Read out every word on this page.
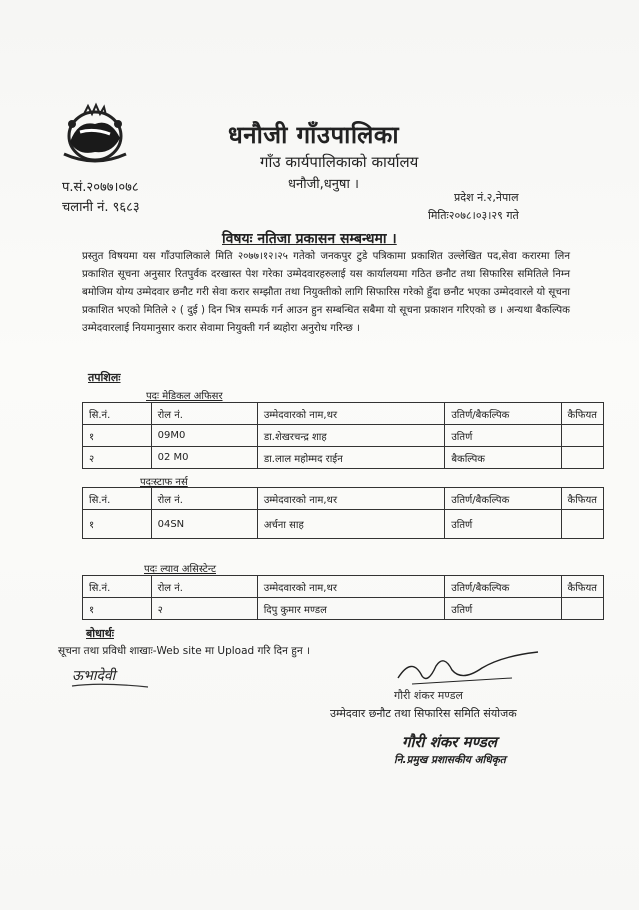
धनौजी गाँउपालिका
गाँउ कार्यपालिकाको कार्यालय
धनौजी,धनुषा ।
प.सं.२०७७।०७८
चलानी नं. ९६८३
प्रदेश नं.२,नेपाल
मितिः२०७८।०३।२९ गते
विषयः नतिजा प्रकासन सम्बन्धमा ।
प्रस्तुत विषयमा यस गाँउपालिकाले मिति २०७७।१२।२५ गतेको जनकपुर टुडे पत्रिकामा प्रकाशित उल्लेखित पद,सेवा करारमा लिन प्रकाशित सूचना अनुसार रितपुर्वक दरखास्त पेश गरेका उम्मेदवारहरुलाई यस कार्यालयमा गठित छनौट तथा सिफारिस समितिले निम्न बमोजिम योग्य उम्मेदवार छनौट गरी सेवा करार सम्झौता तथा नियुक्तीको लागि सिफारिस गरेको हुँदा छनौट भएका उम्मेदवारले यो सूचना प्रकाशित भएको मितिले २ ( दुई ) दिन भित्र सम्पर्क गर्न आउन हुन सम्बन्धित सबैमा यो सूचना प्रकाशन गरिएको छ । अन्यथा बैकल्पिक उम्मेदवारलाई नियमानुसार करार सेवामा नियुक्ती गर्न ब्यहोरा अनुरोध गरिन्छ ।
तपशिलः
पदः मेडिकल अफिसर
सि.नं.	रोल नं.	उम्मेदवारको नाम,थर	उतिर्ण/बैकल्पिक	कैफियत
१	09M0	डा.शेखरचन्द्र शाह	उतिर्ण	
२	02 M0	डा.लाल महोम्मद राईन	बैकल्पिक	
पदःस्टाफ नर्स
सि.नं.	रोल नं.	उम्मेदवारको नाम,थर	उतिर्ण/बैकल्पिक	कैफियत
१	04SN	अर्चना साह	उतिर्ण	
पदः ल्याव असिस्टेन्ट
सि.नं.	रोल नं.	उम्मेदवारको नाम,थर	उतिर्ण/बैकल्पिक	कैफियत
१	२	दिपु कुमार मण्डल	उतिर्ण	
बोधार्थः
सूचना तथा प्रविधी शाखाः-Web site मा Upload गरि दिन हुन ।
ऊभादेवी
गौरी शंकर मण्डल
उम्मेदवार छनौट तथा सिफारिस समिति संयोजक
गौरी शंकर मण्डल
नि.प्रमुख प्रशासकीय अधिकृत
